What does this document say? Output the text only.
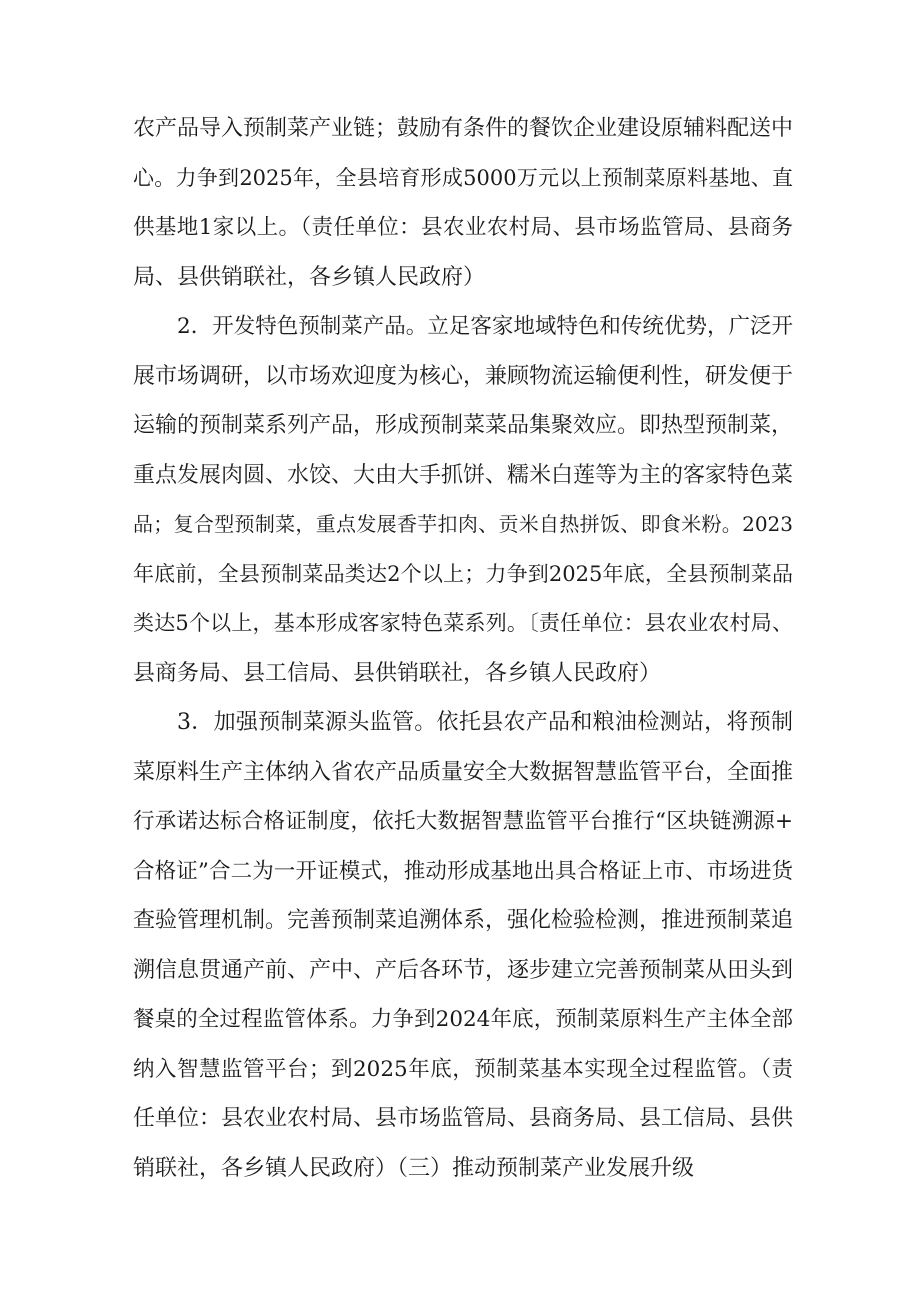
农产品导入预制菜产业链；鼓励有条件的餐饮企业建设原辅料配送中
心。力争到2025年，全县培育形成5000万元以上预制菜原料基地、直
供基地1家以上。（责任单位：县农业农村局、县市场监管局、县商务
局、县供销联社，各乡镇人民政府）
2．开发特色预制菜产品。立足客家地域特色和传统优势，广泛开
展市场调研，以市场欢迎度为核心，兼顾物流运输便利性，研发便于
运输的预制菜系列产品，形成预制菜菜品集聚效应。即热型预制菜，
重点发展肉圆、水饺、大由大手抓饼、糯米白莲等为主的客家特色菜
品；复合型预制菜，重点发展香芋扣肉、贡米自热拼饭、即食米粉。2023
年底前，全县预制菜品类达2个以上；力争到2025年底，全县预制菜品
类达5个以上，基本形成客家特色菜系列。〔责任单位：县农业农村局、
县商务局、县工信局、县供销联社，各乡镇人民政府）
3．加强预制菜源头监管。依托县农产品和粮油检测站，将预制
菜原料生产主体纳入省农产品质量安全大数据智慧监管平台，全面推
行承诺达标合格证制度，依托大数据智慧监管平台推行“区块链溯源+
合格证”合二为一开证模式，推动形成基地出具合格证上市、市场进货
查验管理机制。完善预制菜追溯体系，强化检验检测，推进预制菜追
溯信息贯通产前、产中、产后各环节，逐步建立完善预制菜从田头到
餐桌的全过程监管体系。力争到2024年底，预制菜原料生产主体全部
纳入智慧监管平台；到2025年底，预制菜基本实现全过程监管。（责
任单位：县农业农村局、县市场监管局、县商务局、县工信局、县供
销联社，各乡镇人民政府）（三）推动预制菜产业发展升级
